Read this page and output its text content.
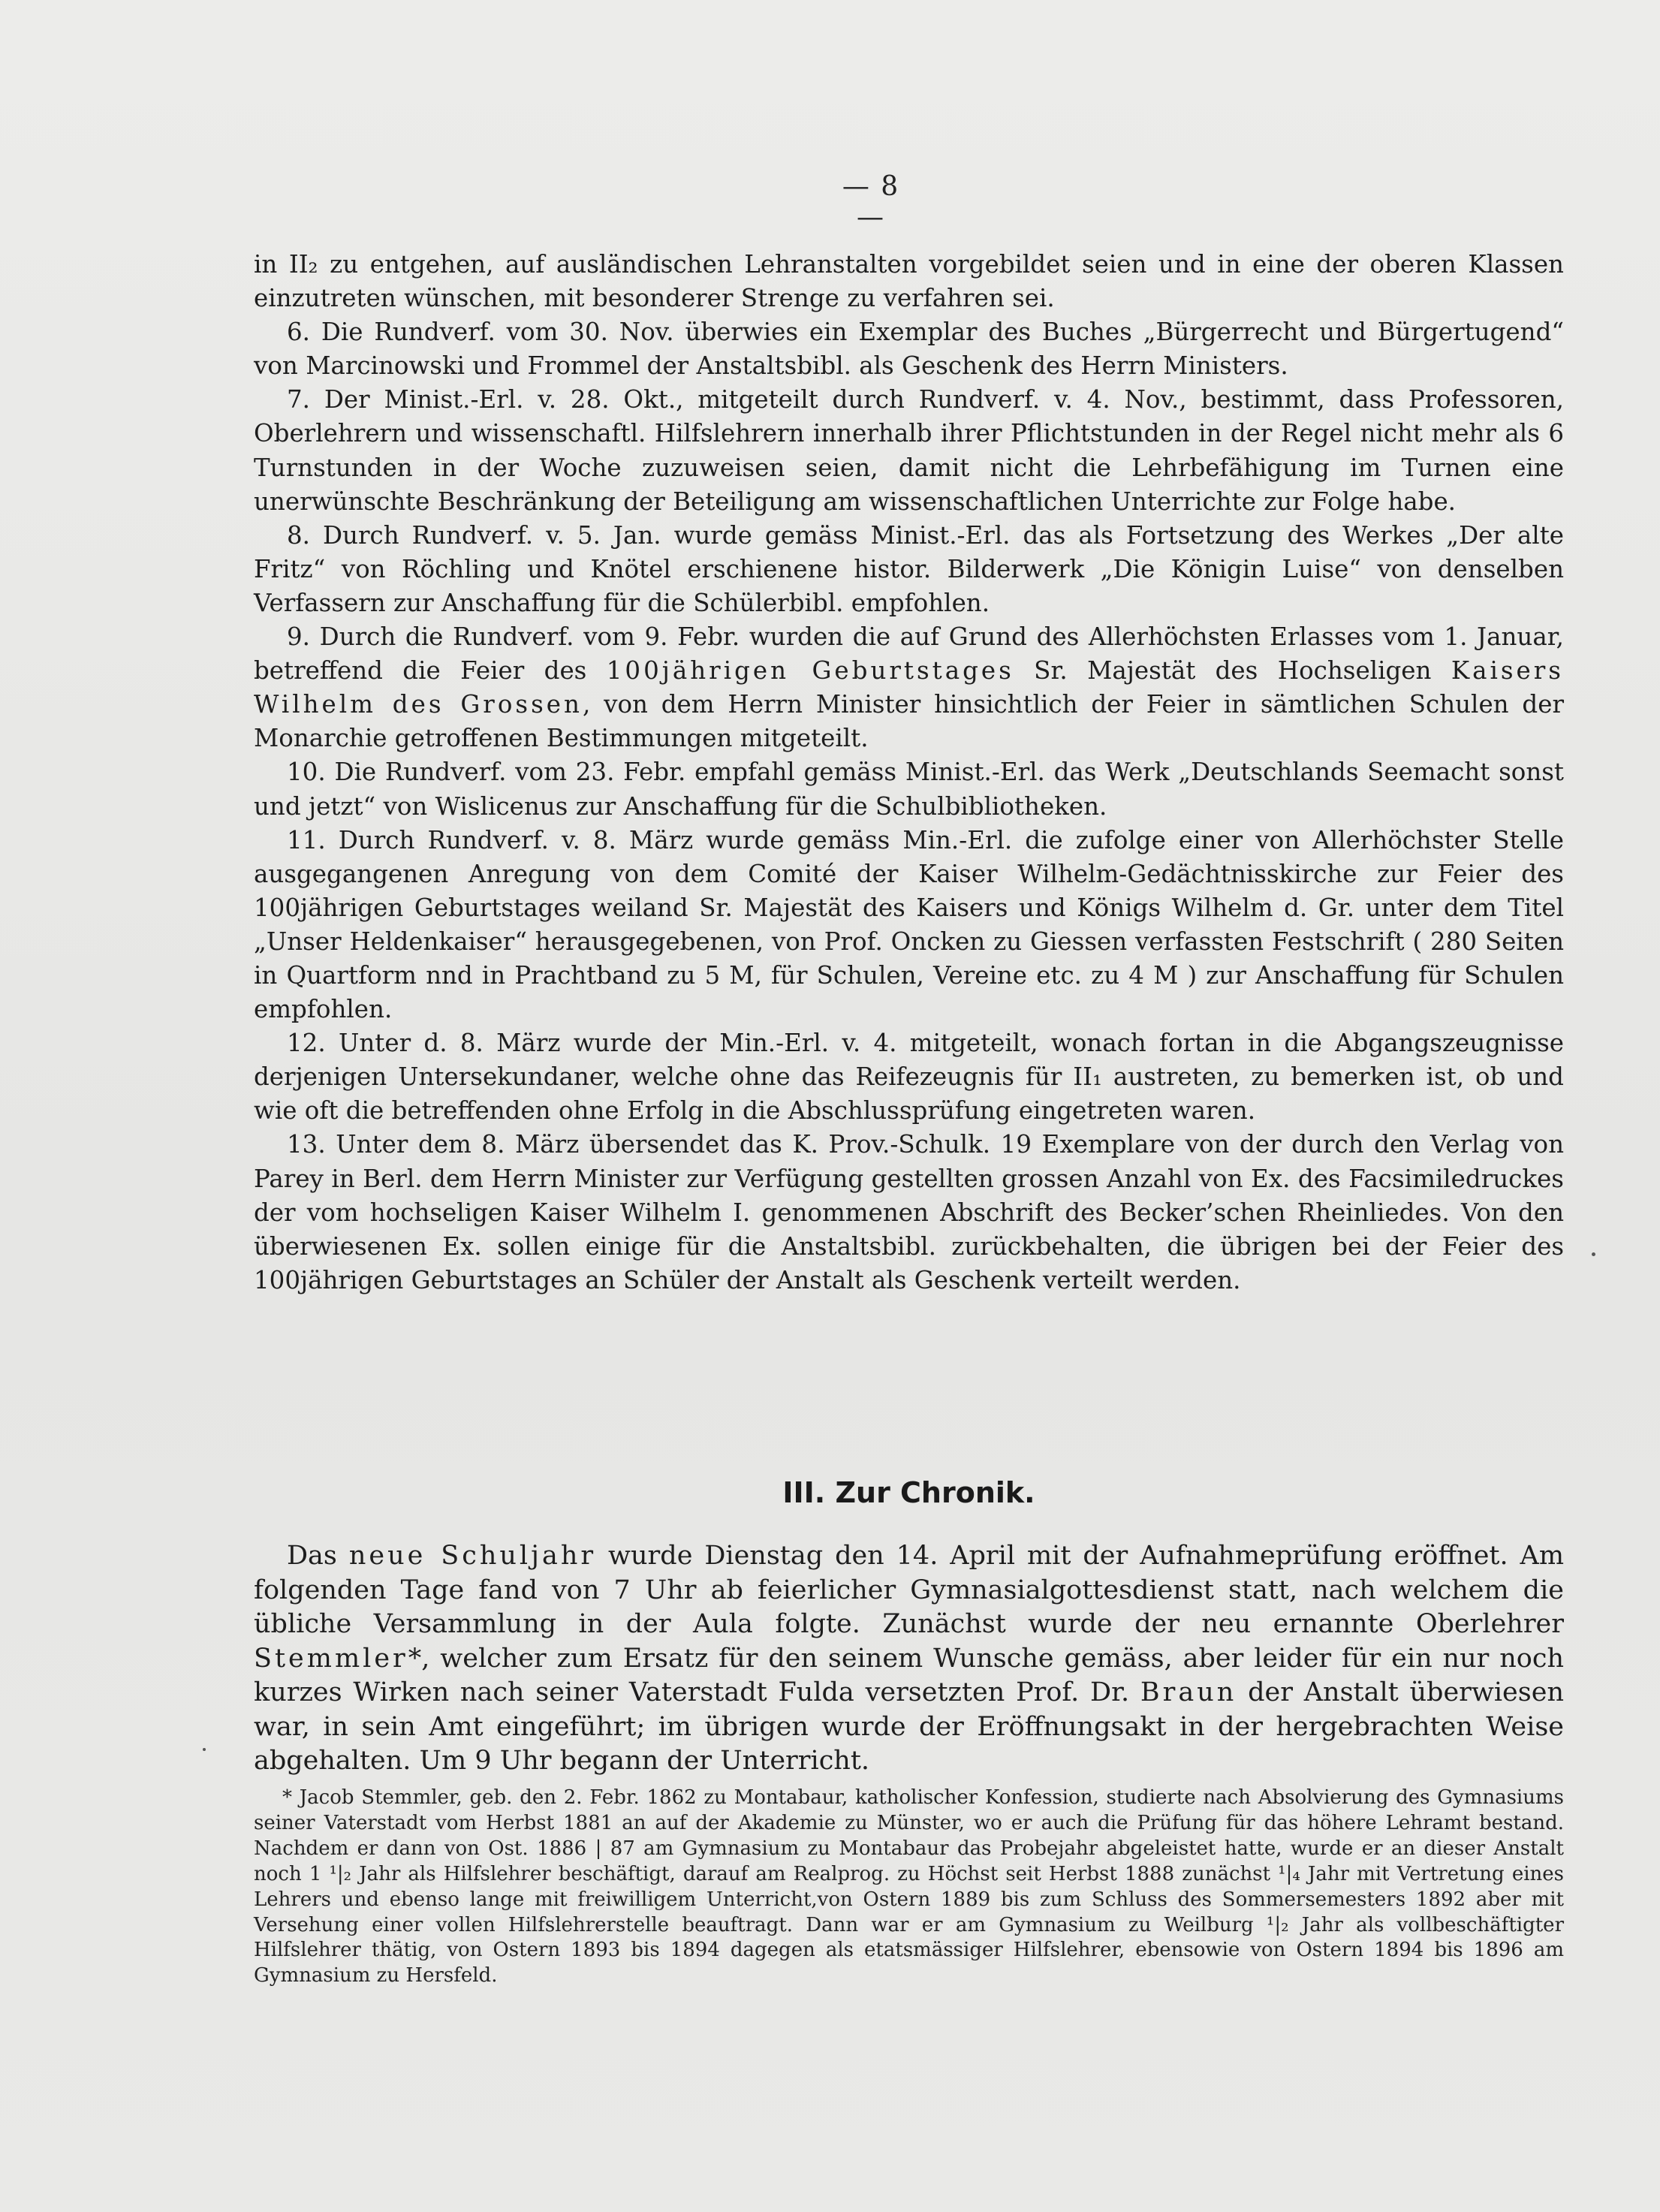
— 8 —

in II₂ zu entgehen, auf ausländ͏ischen Lehranstalten vorgebildet seien und in eine der oberen Klassen einzutreten wünschen, mit besonderer Strenge zu verfahren sei.

6. Die Rundverf. vom 30. Nov. überwies ein Exemplar des Buches „Bürgerrecht und Bürgertugend“ von Marcinowski und Frommel der Anstaltsbibl. als Geschenk des Herrn Ministers.

7. Der Minist.-Erl. v. 28. Okt., mitgeteilt durch Rundverf. v. 4. Nov., bestimmt, dass Professoren, Oberlehrern und wissenschaftl. Hilfslehrern innerhalb ihrer Pflichtstunden in der Regel nicht mehr als 6 Turnstunden in der Woche zuzuweisen seien, damit nicht die Lehrbefähigung im Turnen eine unerwünschte Beschränkung der Beteiligung am wissenschaftlichen Unterrichte zur Folge habe.

8. Durch Rundverf. v. 5. Jan. wurde gemäss Minist.-Erl. das als Fortsetzung des Werkes „Der alte Fritz“ von Röchling und Knötel erschienene histor. Bilderwerk „Die Königin Luise“ von denselben Verfassern zur Anschaffung für die Schülerbibl. empfohlen.

9. Durch die Rundverf. vom 9. Febr. wurden die auf Grund des Allerhöchsten Erlasses vom 1. Januar, betreffend die Feier des 100jährigen Geburtstages Sr. Majestät des Hochseligen Kaisers Wilhelm des Grossen, von dem Herrn Minister hinsichtlich der Feier in sämtlichen Schulen der Monarchie getroffenen Bestimmungen mitgeteilt.

10. Die Rundverf. vom 23. Febr. empfahl gemäss Minist.-Erl. das Werk „Deutschlands Seemacht sonst und jetzt“ von Wislicenus zur Anschaffung für die Schulbibliotheken.

11. Durch Rundverf. v. 8. März wurde gemäss Min.-Erl. die zufolge einer von Allerhöchster Stelle ausgegangenen Anregung von dem Comité der Kaiser Wilhelm-Gedächtnisskirche zur Feier des 100jährigen Geburtstages weiland Sr. Majestät des Kaisers und Königs Wilhelm d. Gr. unter dem Titel „Unser Heldenkaiser“ herausgegebenen, von Prof. Oncken zu Giessen verfassten Festschrift ( 280 Seiten in Quartform nnd in Prachtband zu 5 M, für Schulen, Vereine etc. zu 4 M ) zur Anschaffung für Schulen empfohlen.

12. Unter d. 8. März wurde der Min.-Erl. v. 4. mitgeteilt, wonach fortan in die Abgangszeugnisse derjenigen Untersekundaner, welche ohne das Reifezeugnis für II₁ austreten, zu bemerken ist, ob und wie oft die betreffenden ohne Erfolg in die Abschlussprüfung eingetreten waren.

13. Unter dem 8. März übersendet das K. Prov.-Schulk. 19 Exemplare von der durch den Verlag von Parey in Berl. dem Herrn Minister zur Verfügung gestellten grossen Anzahl von Ex. des Facsimiledruckes der vom hochseligen Kaiser Wilhelm I. genommenen Abschrift des Becker’schen Rheinliedes. Von den überwiesenen Ex. sollen einige für die Anstaltsbibl. zurückbehalten, die übrigen bei der Feier des 100jährigen Geburtstages an Schüler der Anstalt als Geschenk verteilt werden.

III. Zur Chronik.

Das neue Schuljahr wurde Dienstag den 14. April mit der Aufnahmeprüfung eröffnet. Am folgenden Tage fand von 7 Uhr ab feierlicher Gymnasialgottesdienst statt, nach welchem die übliche Versammlung in der Aula folgte. Zunächst wurde der neu ernannte Oberlehrer Stemmler*, welcher zum Ersatz für den seinem Wunsche gemäss, aber leider für ein nur noch kurzes Wirken nach seiner Vaterstadt Fulda versetzten Prof. Dr. Braun der Anstalt überwiesen war, in sein Amt eingeführt; im übrigen wurde der Eröffnungsakt in der hergebrachten Weise abgehalten. Um 9 Uhr begann der Unterricht.

* Jacob Stemmler, geb. den 2. Febr. 1862 zu Montabaur, katholischer Konfession, studierte nach Absolvierung des Gymnasiums seiner Vaterstadt vom Herbst 1881 an auf der Akademie zu Münster, wo er auch die Prüfung für das höhere Lehramt bestand. Nachdem er dann von Ost. 1886 | 87 am Gymnasium zu Montabaur das Probejahr abgeleistet hatte, wurde er an dieser Anstalt noch 1 ¹|₂ Jahr als Hilfslehrer beschäftigt, darauf am Realprog. zu Höchst seit Herbst 1888 zunächst ¹|₄ Jahr mit Vertretung eines Lehrers und ebenso lange mit freiwilligem Unterricht,von Ostern 1889 bis zum Schluss des Sommersemesters 1892 aber mit Versehung einer vollen Hilfslehrerstelle beauftragt. Dann war er am Gymnasium zu Weilburg ¹|₂ Jahr als vollbeschäftigter Hilfslehrer thätig, von Ostern 1893 bis 1894 dagegen als etatsmässiger Hilfslehrer, ebensowie von Ostern 1894 bis 1896 am Gymnasium zu Hersfeld.
